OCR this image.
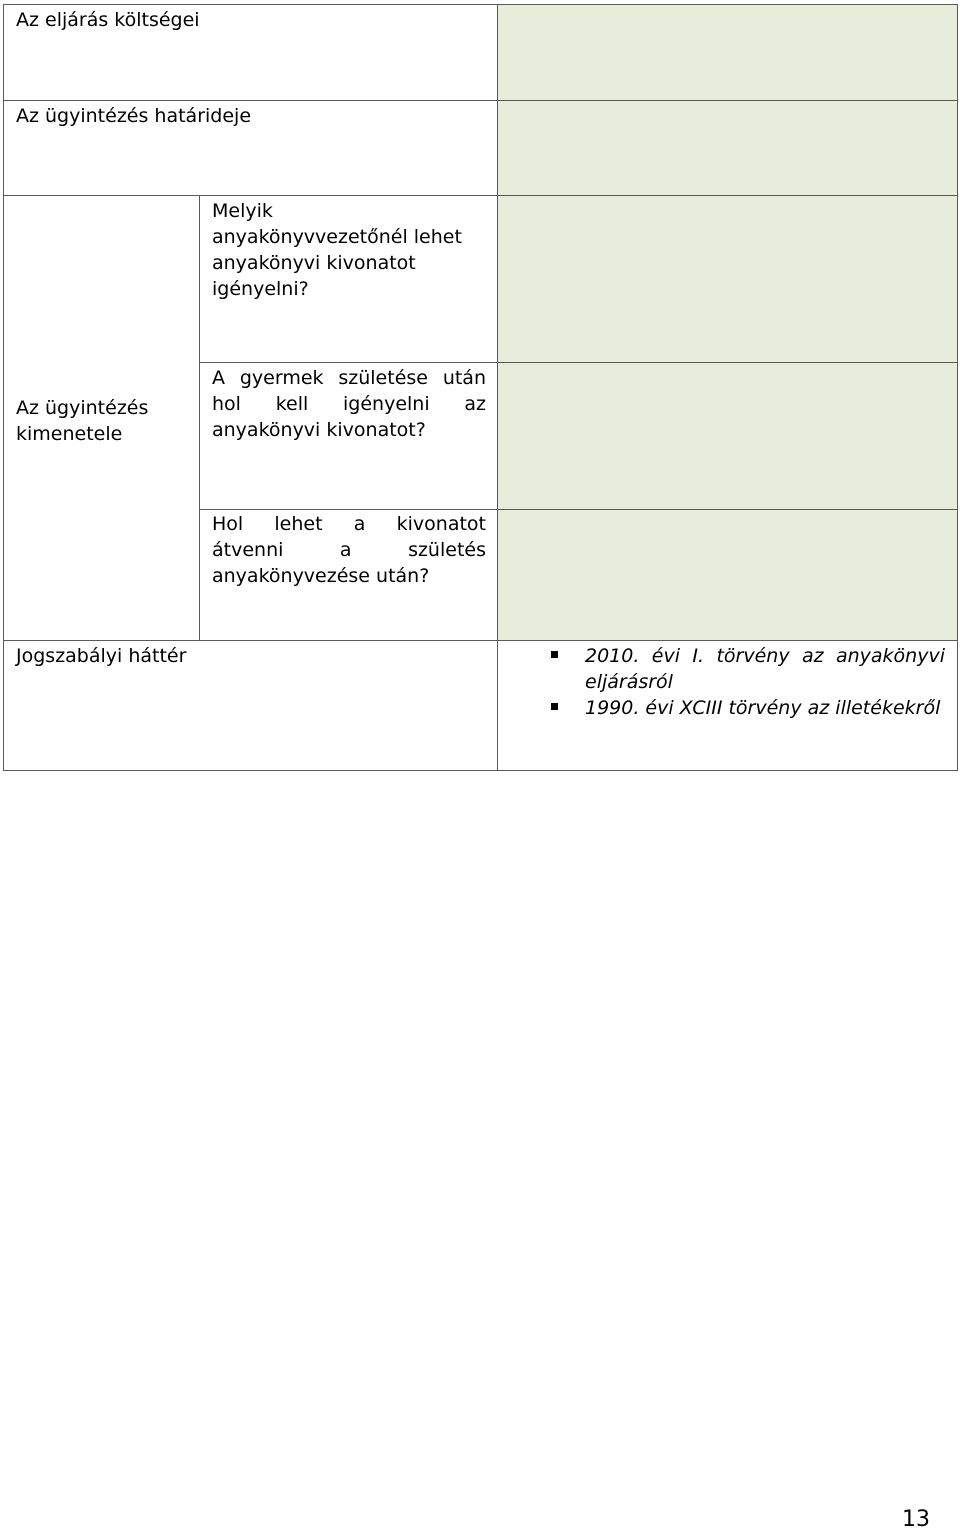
Az eljárás költségei

Az ügyintézés határideje

Az ügyintézés kimenetele

Melyik anyakönyvvezetőnél lehet anyakönyvi kivonatot igényelni?

A gyermek születése után hol kell igényelni az anyakönyvi kivonatot?

Hol lehet a kivonatot átvenni a születés anyakönyvezése után?

Jogszabályi háttér	2010. évi I. törvény az anyakönyvi eljárásról
1990. évi XCIII törvény az illetékekről
13
